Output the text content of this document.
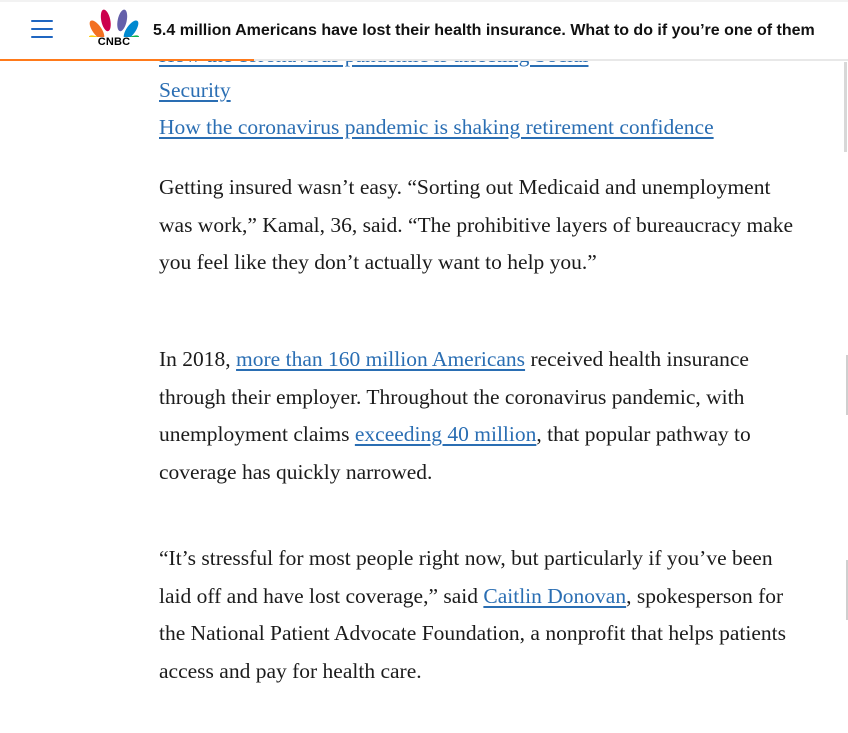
Security
How the coronavirus pandemic is shaking retirement confidence

Getting insured wasn’t easy. “Sorting out Medicaid and unemployment was work,” Kamal, 36, said. “The prohibitive layers of bureaucracy make you feel like they don’t actually want to help you.”

In 2018, more than 160 million Americans received health insurance through their employer. Throughout the coronavirus pandemic, with unemployment claims exceeding 40 million, that popular pathway to coverage has quickly narrowed.

“It’s stressful for most people right now, but particularly if you’ve been laid off and have lost coverage,” said Caitlin Donovan, spokesperson for the National Patient Advocate Foundation, a nonprofit that helps patients access and pay for health care.

CNBC
5.4 million Americans have lost their health insurance. What to do if you’re one of them
